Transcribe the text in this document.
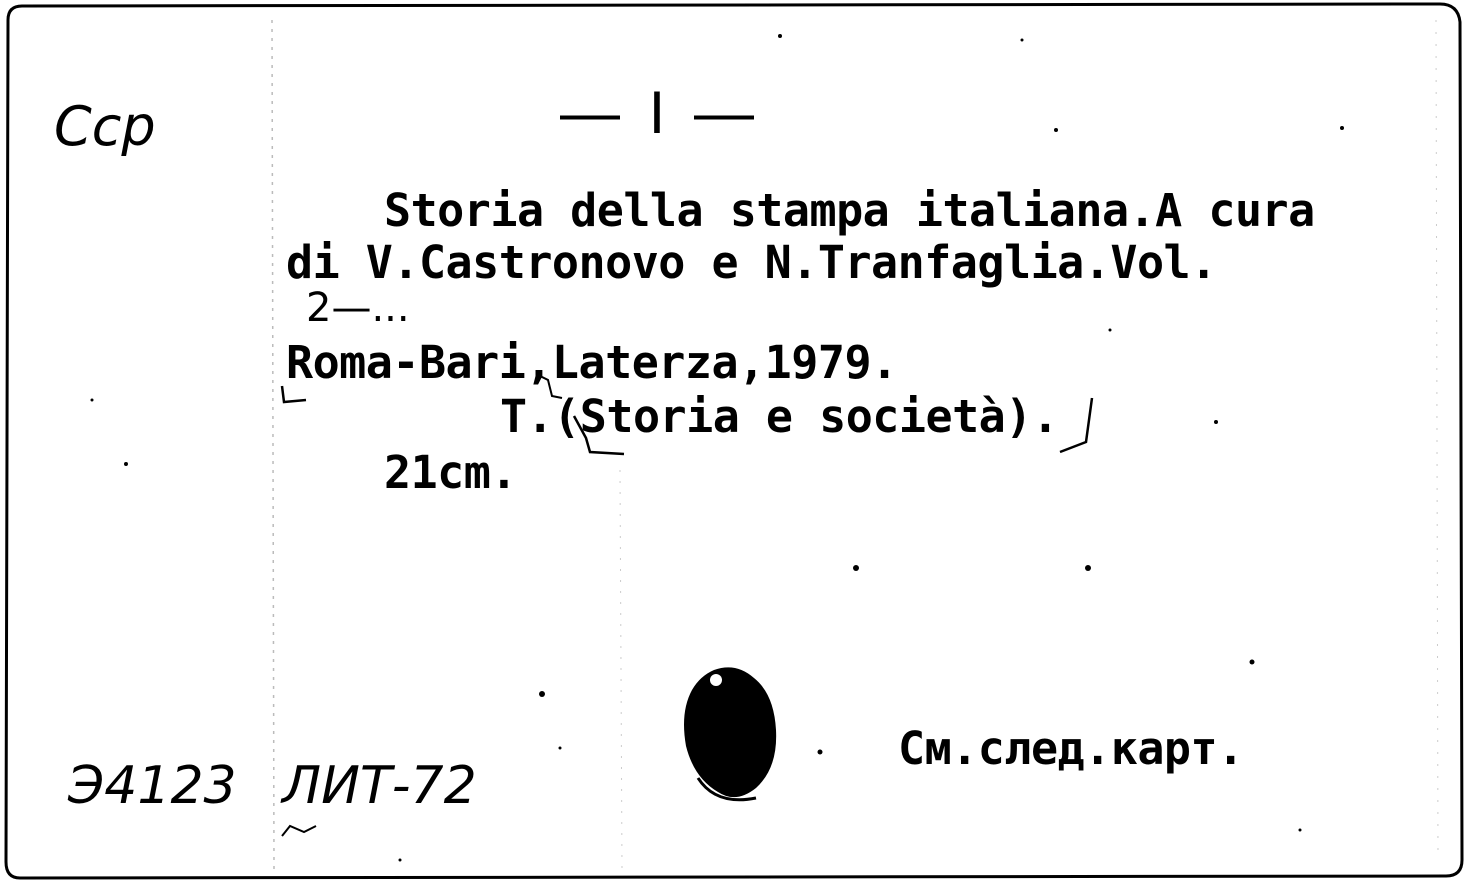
— I —
Ccp
Storia della stampa italiana.A cura
di V.Castronovo e N.Tranfaglia.Vol.
2—...
Roma-Bari,Laterza,1979.
T.(Storia e società).
21cm.
См.след.карт.
Э4123 ЛИТ-72
